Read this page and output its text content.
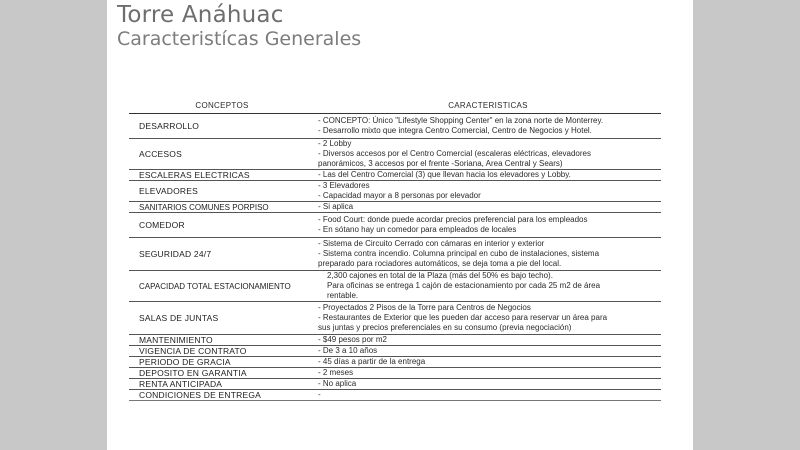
Torre Anáhuac
Caracteristícas Generales
CONCEPTOS	CARACTERISTICAS
DESARROLLO	- CONCEPTO: Único "Lifestyle Shopping Center" en la zona norte de Monterrey.
- Desarrollo mixto que integra Centro Comercial, Centro de Negocios y Hotel.

ACCESOS	- 2 Lobby
- Diversos accesos por el Centro Comercial (escaleras eléctricas, elevadores
panorámicos, 3 accesos por el frente -Soriana, Area Central y Sears)

ESCALERAS ELECTRICAS	- Las del Centro Comercial (3) que llevan hacia los elevadores y Lobby.

ELEVADORES	- 3 Elevadores
- Capacidad mayor a 8 personas por elevador

SANITARIOS COMUNES PORPISO	- Si aplica

COMEDOR	- Food Court: donde puede acordar precios preferencial para los empleados
- En sótano hay un comedor para empleados de locales

SEGURIDAD 24/7	- Sistema de Circuito Cerrado con cámaras en interior y exterior
- Sistema contra incendio. Columna principal en cubo de instalaciones, sistema
preparado para rociadores automáticos, se deja toma a pie del local.

CAPACIDAD TOTAL ESTACIONAMIENTO	2,300 cajones en total de la Plaza (más del 50% es bajo techo).
Para oficinas se entrega 1 cajón de estacionamiento por cada 25 m2 de área
rentable.

SALAS DE JUNTAS	- Proyectados 2 Pisos de la Torre para Centros de Negocios
- Restaurantes de Exterior que les pueden dar acceso para reservar un área para
sus juntas y precios preferenciales en su consumo (previa negociación)

MANTENIMIENTO	- $49 pesos por m2

VIGENCIA DE CONTRATO	- De 3 a 10 años

PERIODO DE GRACIA	- 45 días a partir de la entrega

DEPOSITO EN GARANTIA	- 2 meses

RENTA ANTICIPADA	- No aplica

CONDICIONES DE ENTREGA	-
